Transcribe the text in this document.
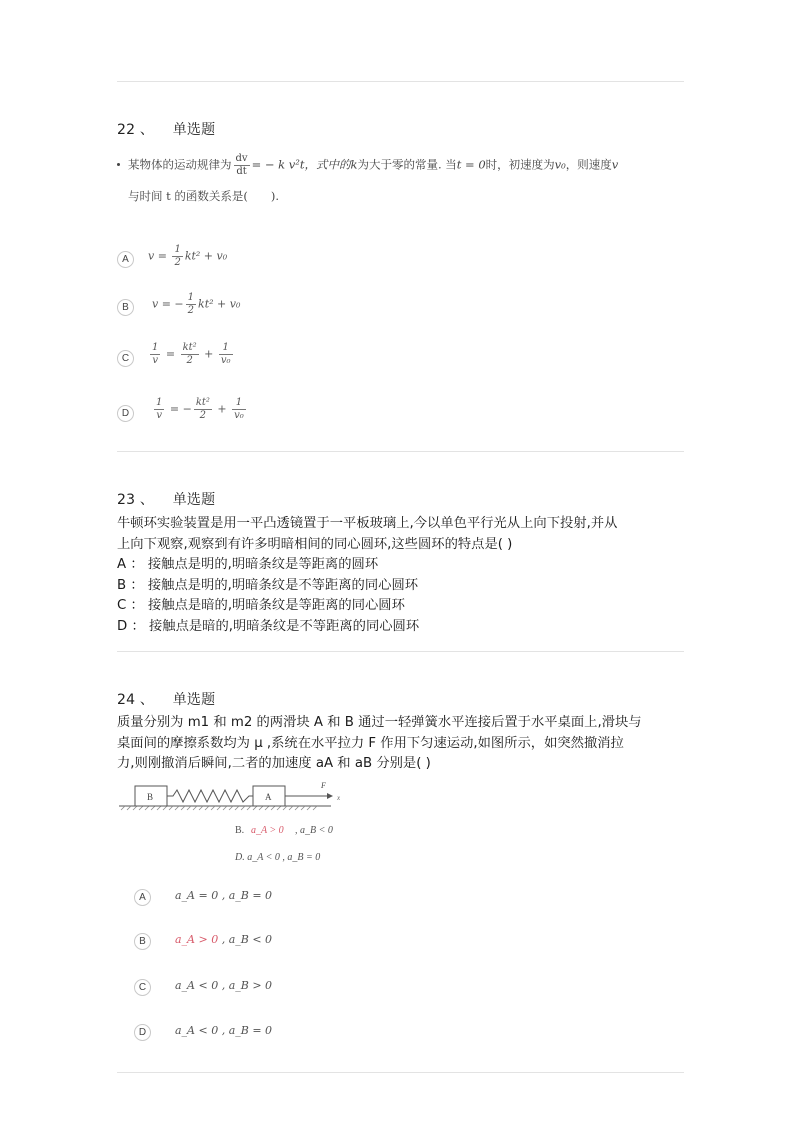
22 、 单选题
某物体的运动规律为 $\frac{dv}{dt}$ = − k v²t，式中的k为大于零的常量. 当t = 0时，初速度为v₀，则速度v
与时间 t 的函数关系是(　　).
A $v = \frac{1}{2} kt^2 + v_0$
B v = − $\frac{1}{2} kt^2 + v_0$
C $\frac{1}{v} = \frac{\text{kt²}}{2} + \frac{1}{\text{v₀}}$
D $\frac{1}{v}$ = − $\frac{\text{kt²}}{2} + \frac{1}{\text{v₀}}$
23 、 单选题
牛顿环实验装置是用一平凸透镜置于一平板玻璃上,今以单色平行光从上向下投射,并从
上向下观察,观察到有许多明暗相间的同心圆环,这些圆环的特点是( )
A ： 接触点是明的,明暗条纹是等距离的圆环
B ： 接触点是明的,明暗条纹是不等距离的同心圆环
C ： 接触点是暗的,明暗条纹是等距离的同心圆环
D ： 接触点是暗的,明暗条纹是不等距离的同心圆环
24 、 单选题
质量分别为 m1 和 m2 的两滑块 A 和 B 通过一轻弹簧水平连接后置于水平桌面上,滑块与
桌面间的摩擦系数均为 μ ,系统在水平拉力 F 作用下匀速运动,如图所示，如突然撤消拉
力,则刚撤消后瞬间,二者的加速度 aA 和 aB 分别是( )
B	A
F
x
B. a_A > 0 , a_B < 0
D. a_A < 0 , a_B = 0
A	a_A = 0 , a_B = 0
B	a_A > 0 , a_B < 0
C	a_A < 0 , a_B > 0
D	a_A < 0 , a_B = 0
